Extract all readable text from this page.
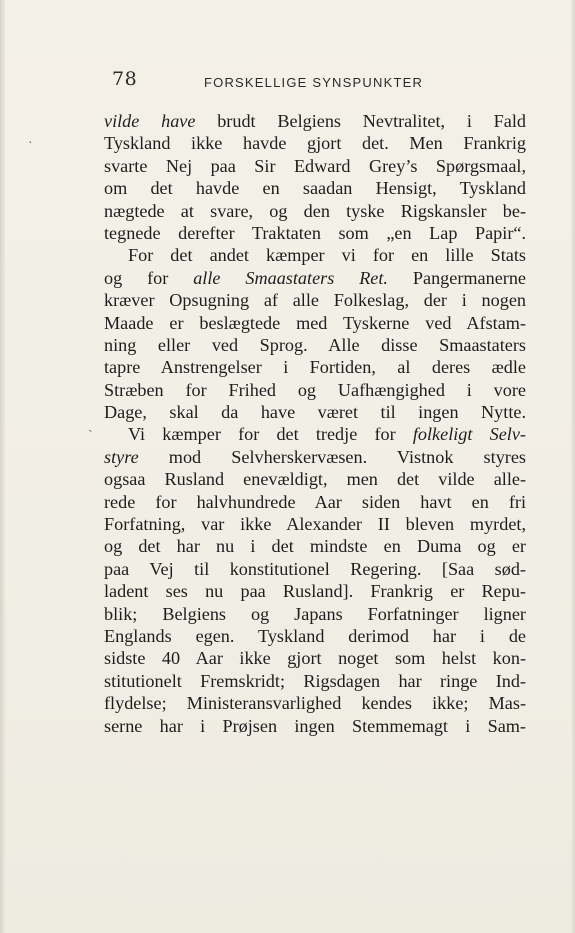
78	FORSKELLIGE SYNSPUNKTER
·
ˏ
vilde have brudt Belgiens Nevtralitet, i Fald
Tyskland ikke havde gjort det. Men Frankrig
svarte Nej paa Sir Edward Grey’s Spørgsmaal,
om det havde en saadan Hensigt, Tyskland
nægtede at svare, og den tyske Rigskansler be-
tegnede derefter Traktaten som „en Lap Papir“.
For det andet kæmper vi for en lille Stats
og for alle Smaastaters Ret. Pangermanerne
kræver Opsugning af alle Folkeslag, der i nogen
Maade er beslægtede med Tyskerne ved Afstam-
ning eller ved Sprog. Alle disse Smaastaters
tapre Anstrengelser i Fortiden, al deres ædle
Stræben for Frihed og Uafhængighed i vore
Dage, skal da have været til ingen Nytte.
Vi kæmper for det tredje for folkeligt Selv-
styre mod Selvherskervæsen. Vistnok styres
ogsaa Rusland enevældigt, men det vilde alle-
rede for halvhundrede Aar siden havt en fri
Forfatning, var ikke Alexander II bleven myrdet,
og det har nu i det mindste en Duma og er
paa Vej til konstitutionel Regering. [Saa sød-
ladent ses nu paa Rusland]. Frankrig er Repu-
blik; Belgiens og Japans Forfatninger ligner
Englands egen. Tyskland derimod har i de
sidste 40 Aar ikke gjort noget som helst kon-
stitutionelt Fremskridt; Rigsdagen har ringe Ind-
flydelse; Ministeransvarlighed kendes ikke; Mas-
serne har i Prøjsen ingen Stemmemagt i Sam-
